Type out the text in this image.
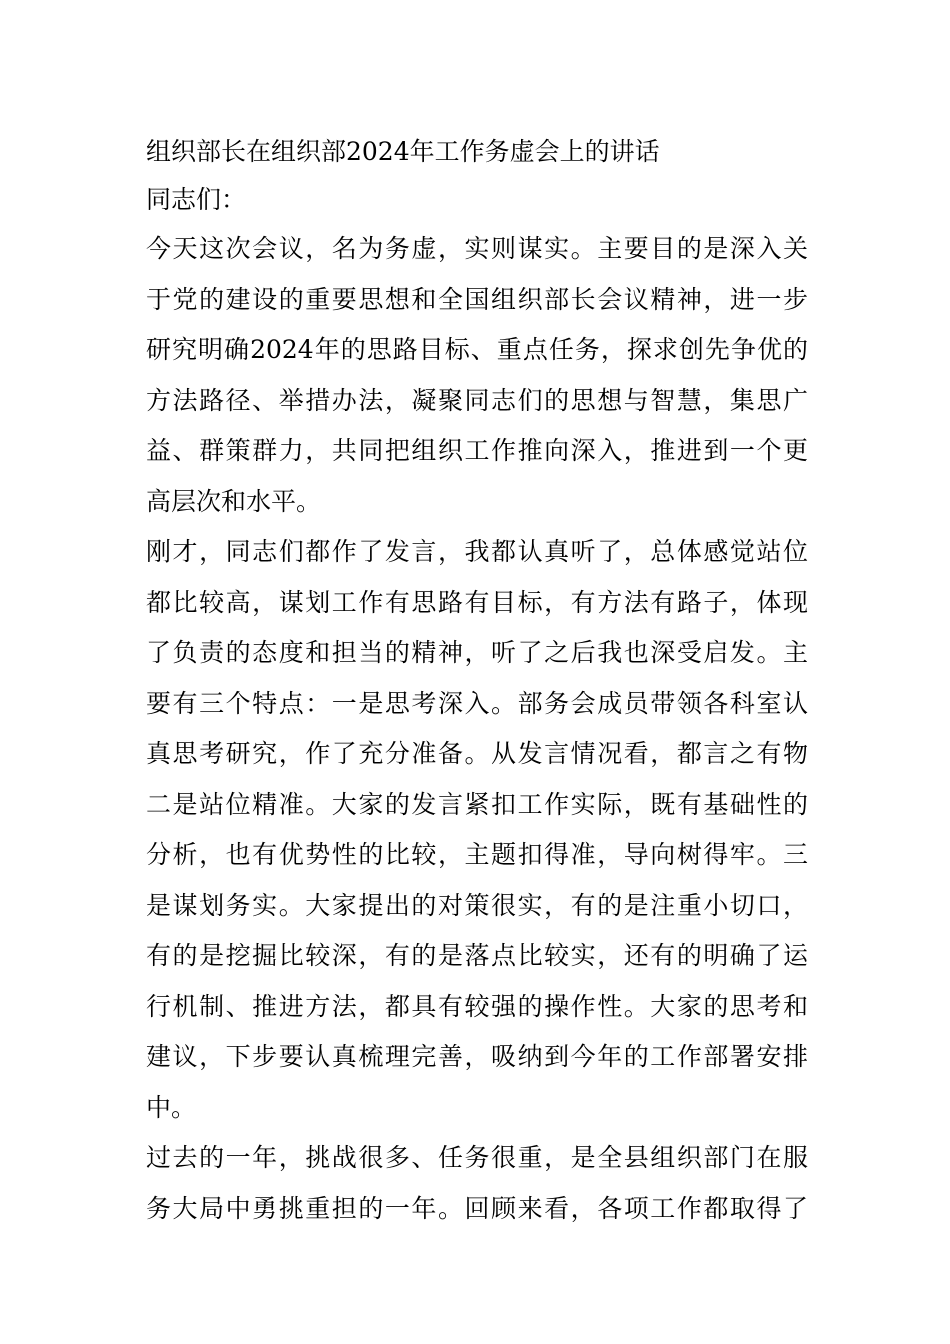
组织部长在组织部2024年工作务虚会上的讲话
同志们：
今天这次会议，名为务虚，实则谋实。主要目的是深入关
于党的建设的重要思想和全国组织部长会议精神，进一步
研究明确2024年的思路目标、重点任务，探求创先争优的
方法路径、举措办法，凝聚同志们的思想与智慧，集思广
益、群策群力，共同把组织工作推向深入，推进到一个更
高层次和水平。
刚才，同志们都作了发言，我都认真听了，总体感觉站位
都比较高，谋划工作有思路有目标，有方法有路子，体现
了负责的态度和担当的精神，听了之后我也深受启发。主
要有三个特点：一是思考深入。部务会成员带领各科室认
真思考研究，作了充分准备。从发言情况看，都言之有物
二是站位精准。大家的发言紧扣工作实际，既有基础性的
分析，也有优势性的比较，主题扣得准，导向树得牢。三
是谋划务实。大家提出的对策很实，有的是注重小切口，
有的是挖掘比较深，有的是落点比较实，还有的明确了运
行机制、推进方法，都具有较强的操作性。大家的思考和
建议，下步要认真梳理完善，吸纳到今年的工作部署安排
中。
过去的一年，挑战很多、任务很重，是全县组织部门在服
务大局中勇挑重担的一年。回顾来看，各项工作都取得了
